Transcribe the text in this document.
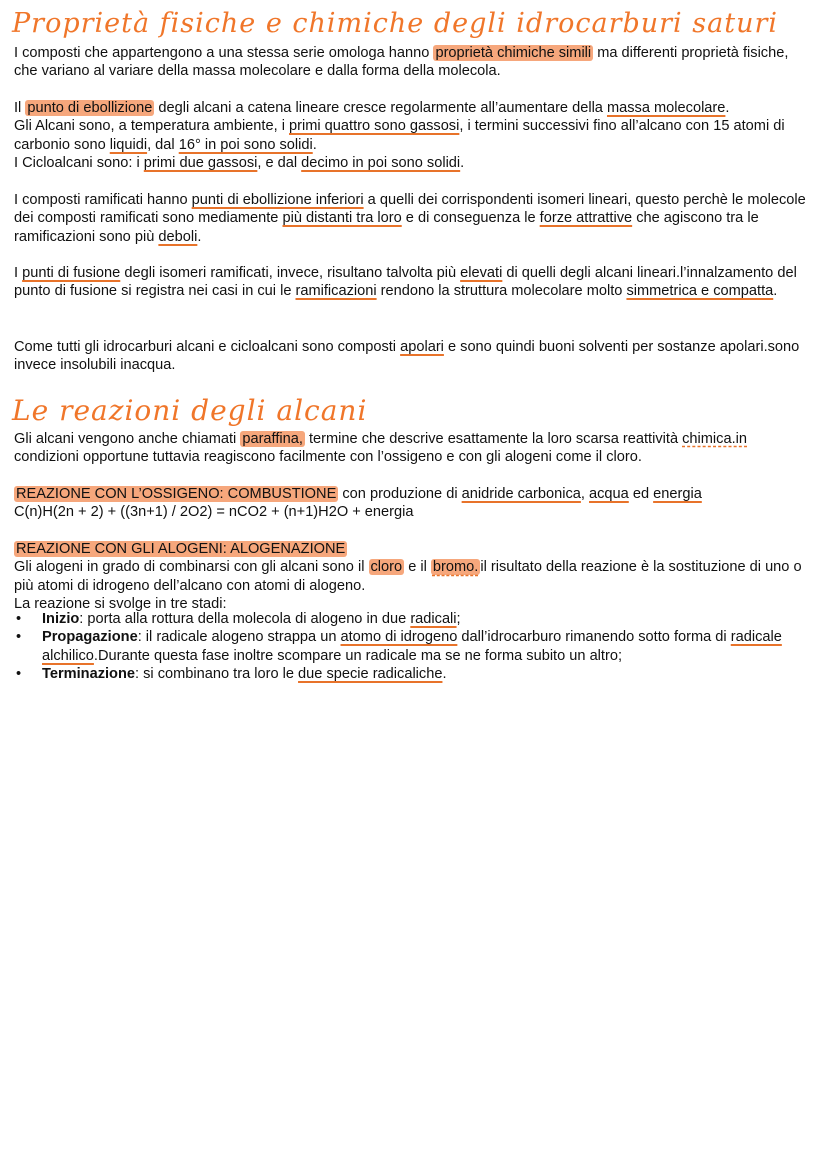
Proprietà fisiche e chimiche degli idrocarburi saturi

I composti che appartengono a una stessa serie omologa hanno proprietà chimiche simili ma differenti proprietà fisiche, che variano al variare della massa molecolare e dalla forma della molecola.

Il punto di ebollizione degli alcani a catena lineare cresce regolarmente all’aumentare della massa molecolare.
Gli Alcani sono, a temperatura ambiente, i primi quattro sono gassosi, i termini successivi fino all’alcano con 15 atomi di carbonio sono liquidi, dal 16° in poi sono solidi.
I Cicloalcani sono: i primi due gassosi, e dal decimo in poi sono solidi.

I composti ramificati hanno punti di ebollizione inferiori a quelli dei corrispondenti isomeri lineari, questo perchè le molecole dei composti ramificati sono mediamente più distanti tra loro e di conseguenza le forze attrattive che agiscono tra le ramificazioni sono più deboli.

I punti di fusione degli isomeri ramificati, invece, risultano talvolta più elevati di quelli degli alcani lineari.l’innalzamento del punto di fusione si registra nei casi in cui le ramificazioni rendono la struttura molecolare molto simmetrica e compatta.

Come tutti gli idrocarburi alcani e cicloalcani sono composti apolari e sono quindi buoni solventi per sostanze apolari.sono invece insolubili inacqua.

Le reazioni degli alcani

Gli alcani vengono anche chiamati paraffina, termine che descrive esattamente la loro scarsa reattività chimica.in condizioni opportune tuttavia reagiscono facilmente con l’ossigeno e con gli alogeni come il cloro.

REAZIONE CON L’OSSIGENO: COMBUSTIONE con produzione di anidride carbonica, acqua ed energia
C(n)H(2n + 2) + ((3n+1) / 2O2) = nCO2 + (n+1)H2O + energia

REAZIONE CON GLI ALOGENI: ALOGENAZIONE
Gli alogeni in grado di combinarsi con gli alcani sono il cloro e il bromo. il risultato della reazione è la sostituzione di uno o più atomi di idrogeno dell’alcano con atomi di alogeno.
La reazione si svolge in tre stadi:

• Inizio: porta alla rottura della molecola di alogeno in due radicali;
• Propagazione: il radicale alogeno strappa un atomo di idrogeno dall’idrocarburo rimanendo sotto forma di radicale alchilico.Durante questa fase inoltre scompare un radicale ma se ne forma subito un altro;
• Terminazione: si combinano tra loro le due specie radicaliche.
